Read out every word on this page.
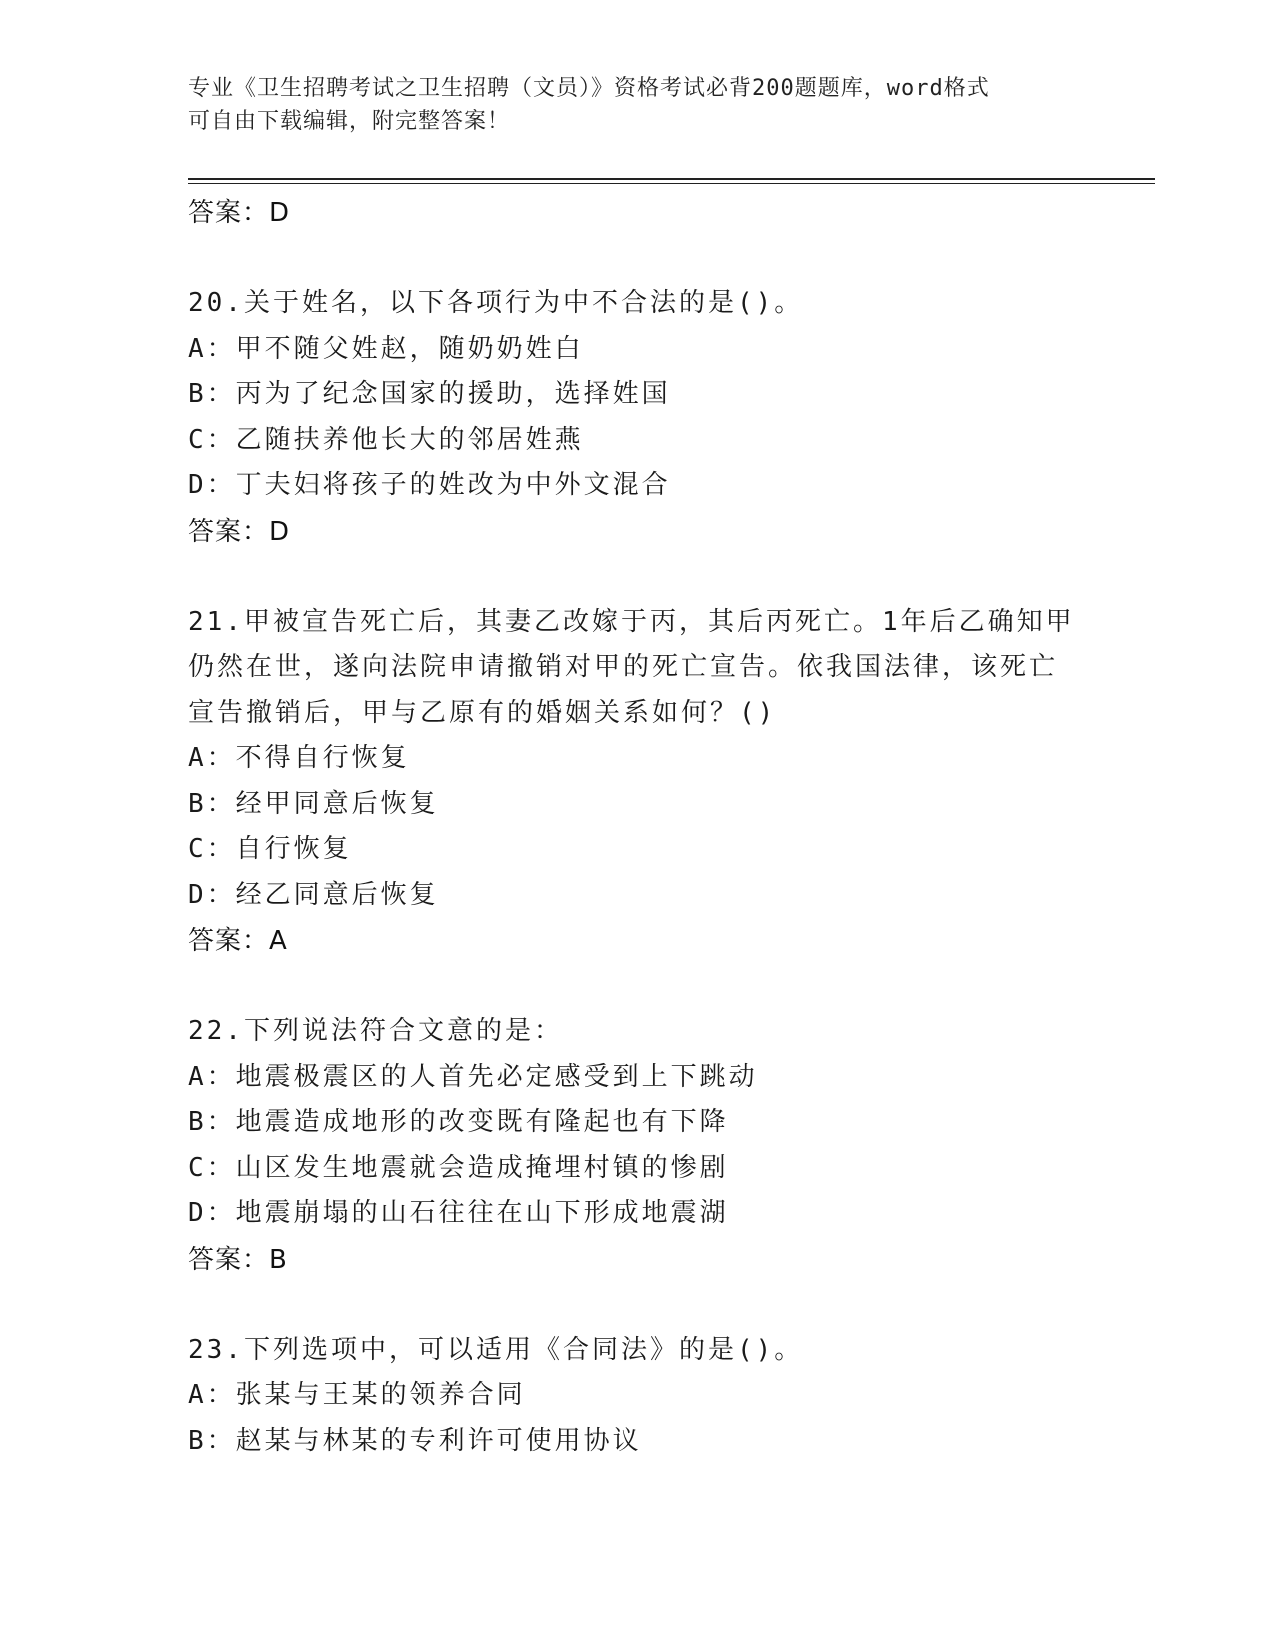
专业《卫生招聘考试之卫生招聘（文员）》资格考试必背200题题库，word格式
可自由下载编辑，附完整答案！
答案：D
20.关于姓名，以下各项行为中不合法的是()。
A：甲不随父姓赵，随奶奶姓白
B：丙为了纪念国家的援助，选择姓国
C：乙随扶养他长大的邻居姓燕
D：丁夫妇将孩子的姓改为中外文混合
答案：D
21.甲被宣告死亡后，其妻乙改嫁于丙，其后丙死亡。1年后乙确知甲
仍然在世，遂向法院申请撤销对甲的死亡宣告。依我国法律，该死亡
宣告撤销后，甲与乙原有的婚姻关系如何？()
A：不得自行恢复
B：经甲同意后恢复
C：自行恢复
D：经乙同意后恢复
答案：A
22.下列说法符合文意的是：
A：地震极震区的人首先必定感受到上下跳动
B：地震造成地形的改变既有隆起也有下降
C：山区发生地震就会造成掩埋村镇的惨剧
D：地震崩塌的山石往往在山下形成地震湖
答案：B
23.下列选项中，可以适用《合同法》的是()。
A：张某与王某的领养合同
B：赵某与林某的专利许可使用协议
